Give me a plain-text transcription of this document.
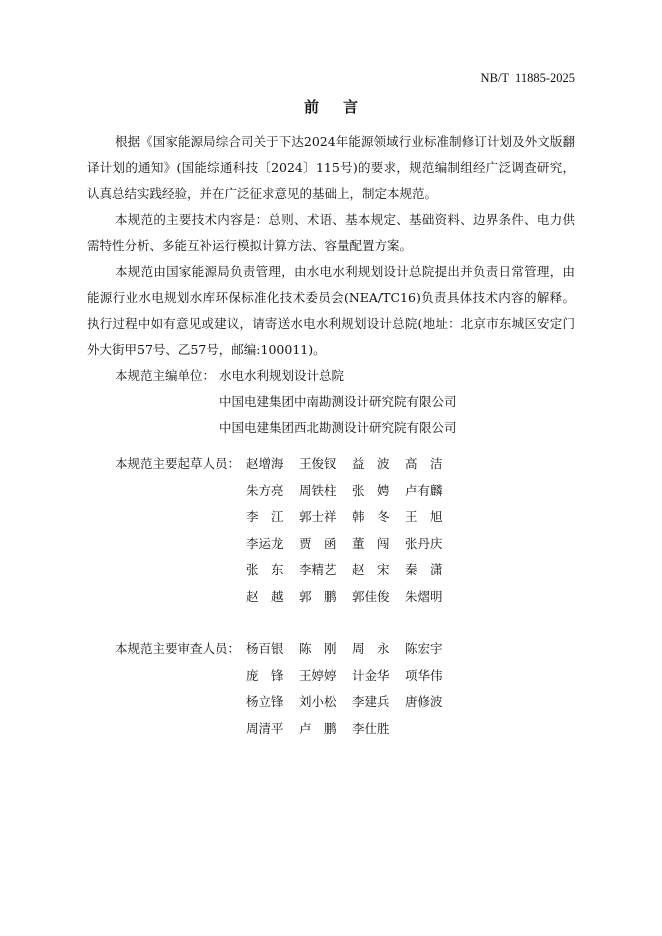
NB/T  11885-2025
前 言
根据《国家能源局综合司关于下达2024年能源领域行业标准制修订计划及外文版翻译计划的通知》(国能综通科技〔2024〕115号)的要求，规范编制组经广泛调查研究，认真总结实践经验，并在广泛征求意见的基础上，制定本规范。
本规范的主要技术内容是：总则、术语、基本规定、基础资料、边界条件、电力供需特性分析、多能互补运行模拟计算方法、容量配置方案。
本规范由国家能源局负责管理，由水电水利规划设计总院提出并负责日常管理，由能源行业水电规划水库环保标准化技术委员会(NEA/TC16)负责具体技术内容的解释。执行过程中如有意见或建议，请寄送水电水利规划设计总院(地址：北京市东城区安定门外大街甲57号、乙57号，邮编:100011)。
本规范主编单位： 水电水利规划设计总院
中国电建集团中南勘测设计研究院有限公司
中国电建集团西北勘测设计研究院有限公司
本规范主要起草人员： 赵增海	王俊钗	益　波	高　洁
朱方亮	周铁柱	张　娉	卢有麟
李　江	郭士祥	韩　冬	王　旭
李运龙	贾　函	董　闯	张丹庆
张　东	李精艺	赵　宋	秦　潇
赵　越	郭　鹏	郭佳俊	朱熠明
本规范主要审查人员： 杨百银	陈　刚	周　永	陈宏宇
庞　锋	王婷婷	计金华	项华伟
杨立锋	刘小松	李建兵	唐修波
周清平	卢　鹏	李仕胜
